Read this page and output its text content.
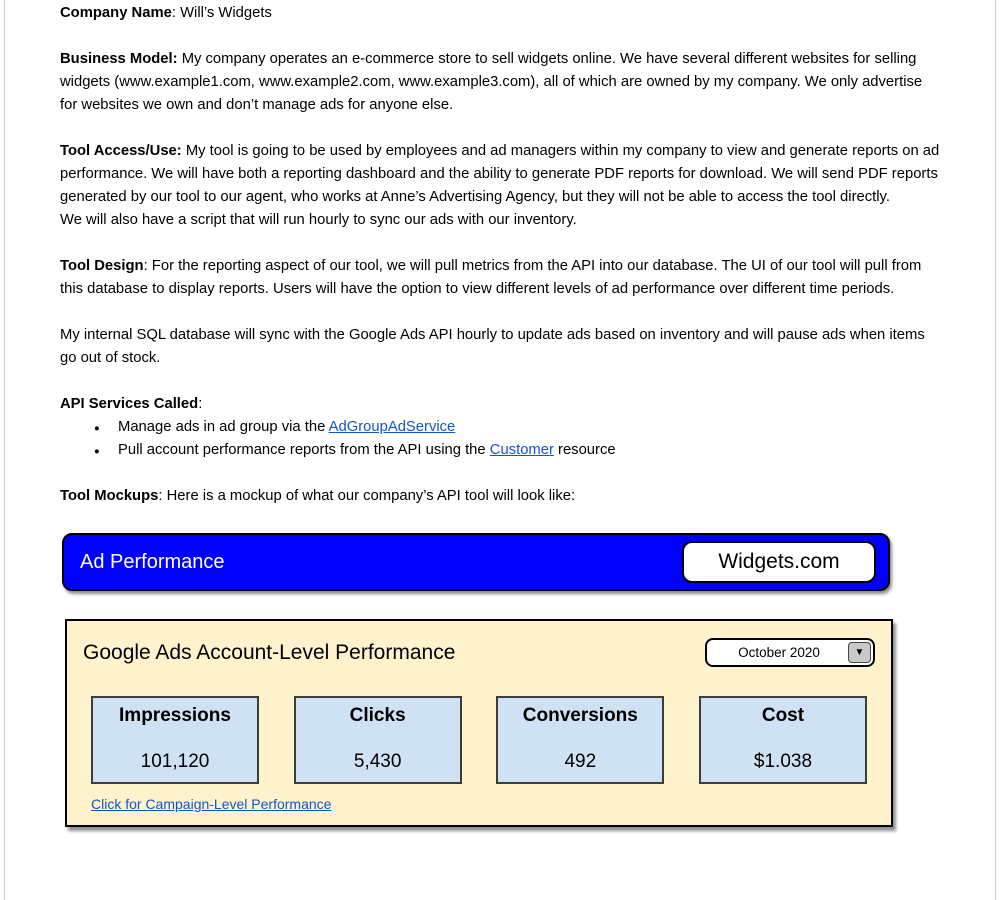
Company Name: Will’s Widgets
Business Model: My company operates an e-commerce store to sell widgets online. We have several different websites for selling widgets (www.example1.com, www.example2.com, www.example3.com), all of which are owned by my company. We only advertise for websites we own and don’t manage ads for anyone else.
Tool Access/Use: My tool is going to be used by employees and ad managers within my company to view and generate reports on ad performance. We will have both a reporting dashboard and the ability to generate PDF reports for download. We will send PDF reports generated by our tool to our agent, who works at Anne’s Advertising Agency, but they will not be able to access the tool directly.
We will also have a script that will run hourly to sync our ads with our inventory.
Tool Design: For the reporting aspect of our tool, we will pull metrics from the API into our database. The UI of our tool will pull from this database to display reports. Users will have the option to view different levels of ad performance over different time periods.
My internal SQL database will sync with the Google Ads API hourly to update ads based on inventory and will pause ads when items go out of stock.
API Services Called:
● Manage ads in ad group via the AdGroupAdService
● Pull account performance reports from the API using the Customer resource
Tool Mockups: Here is a mockup of what our company’s API tool will look like:
Ad Performance	Widgets.com
Google Ads Account-Level Performance	October 2020	▼
Impressions
101,120
Clicks
5,430
Conversions
492
Cost
$1.038
Click for Campaign-Level Performance
